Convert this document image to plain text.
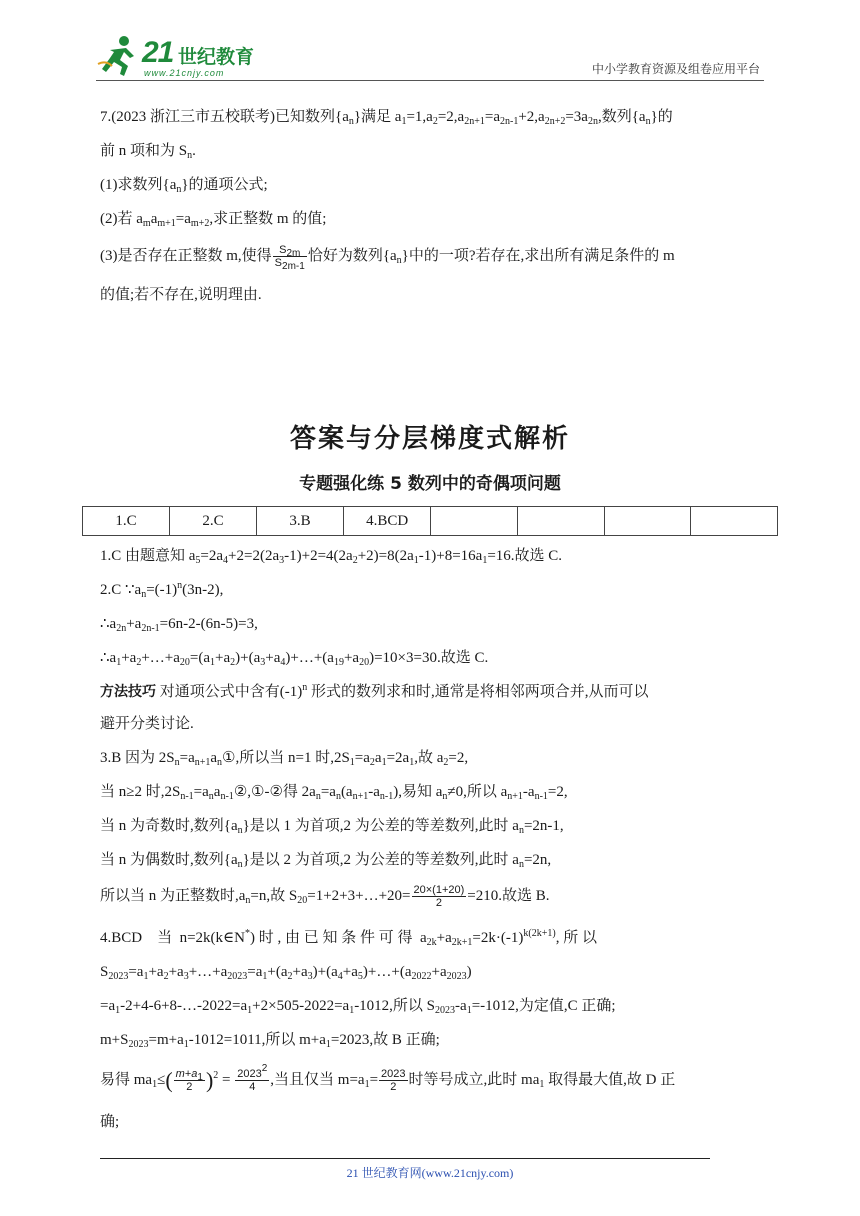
21 世纪教育
www.21cnjy.com	中小学教育资源及组卷应用平台
7.(2023 浙江三市五校联考)已知数列$\{a_n\}$满足 $a_1=1,a_2=2,a_{2n+1}=a_{2n-1}+2,a_{2n+2}=3a_{2n}$,数列$\{a_n\}$的
前 n 项和为 $S_n$.
(1)求数列$\{a_n\}$的通项公式;
(2)若 $a_ma_{m+1}=a_{m+2}$,求正整数 m 的值;
(3)是否存在正整数 m,使得 $\frac{S_{2m}}{S_{2m-1}}$ 恰好为数列$\{a_n\}$中的一项?若存在,求出所有满足条件的 m
的值;若不存在,说明理由.
答案与分层梯度式解析
专题强化练 5 数列中的奇偶项问题
1.C	2.C	3.B	4.BCD				
1.C 由题意知 $a_5=2a_4+2=2(2a_3-1)+2=4(2a_2+2)=8(2a_1-1)+8=16a_1=16$.故选 C.
2.C $\because a_n=(-1)^n(3n-2)$,
$\therefore a_{2n}+a_{2n-1}=6n-2-(6n-5)=3$,
$\therefore a_1+a_2+\dots+a_{20}=(a_1+a_2)+(a_3+a_4)+\dots+(a_{19}+a_{20})=10\times 3=30$.故选 C.
方法技巧 对通项公式中含有$(-1)^n$ 形式的数列求和时,通常是将相邻两项合并,从而可以
避开分类讨论.
3.B 因为 $2S_n=a_{n+1}a_n①$,所以当 n=1 时$,2S_1=a_2a_1=2a_1$,故 $a_2=2$,
当 n≥2 时$,2S_{n-1}=a_na_{n-1}②,①-②$得 $2a_n=a_n(a_{n+1}-a_{n-1})$,易知 $a_n\ne 0$,所以 $a_{n+1}-a_{n-1}=2$,
当 n 为奇数时,数列$\{a_n\}$是以 1 为首项,2 为公差的等差数列,此时 $a_n=2n-1$,
当 n 为偶数时,数列$\{a_n\}$是以 2 为首项,2 为公差的等差数列,此时 $a_n=2n$,
所以当 n 为正整数时$,a_n=n$,故 $S_{20}=1+2+3+\dots+20= \frac{20\times(1+20)}{2} =210$.故选 B.
4.BCD    当  n=2k(k∈N*) 时 , 由 已 知 条 件 可 得  $a_{2k}+a_{2k+1}=2k\cdot(-1)^{k(2k+1)}$, 所 以
$S_{2023}=a_1+a_2+a_3+\dots+a_{2023}=a_1+(a_2+a_3)+(a_4+a_5)+\dots+(a_{2022}+a_{2023})$
$=a_1-2+4-6+8-\dots-2022=a_1+2\times 505-2022=a_1-1012$,所以 $S_{2023}-a_1=-1012$,为定值,C 正确;
$m+S_{2023}=m+a_1-1012=1011$,所以 $m+a_1=2023$,故 B 正确;
易得 $ma_1\le( \frac{m+a_1}{2} )^2 = \frac{2023^2}{4}$ ,当且仅当 $m=a_1= \frac{2023}{2}$ 时等号成立,此时 $ma_1$ 取得最大值,故 D 正
确;
21 世纪教育网(www.21cnjy.com)
